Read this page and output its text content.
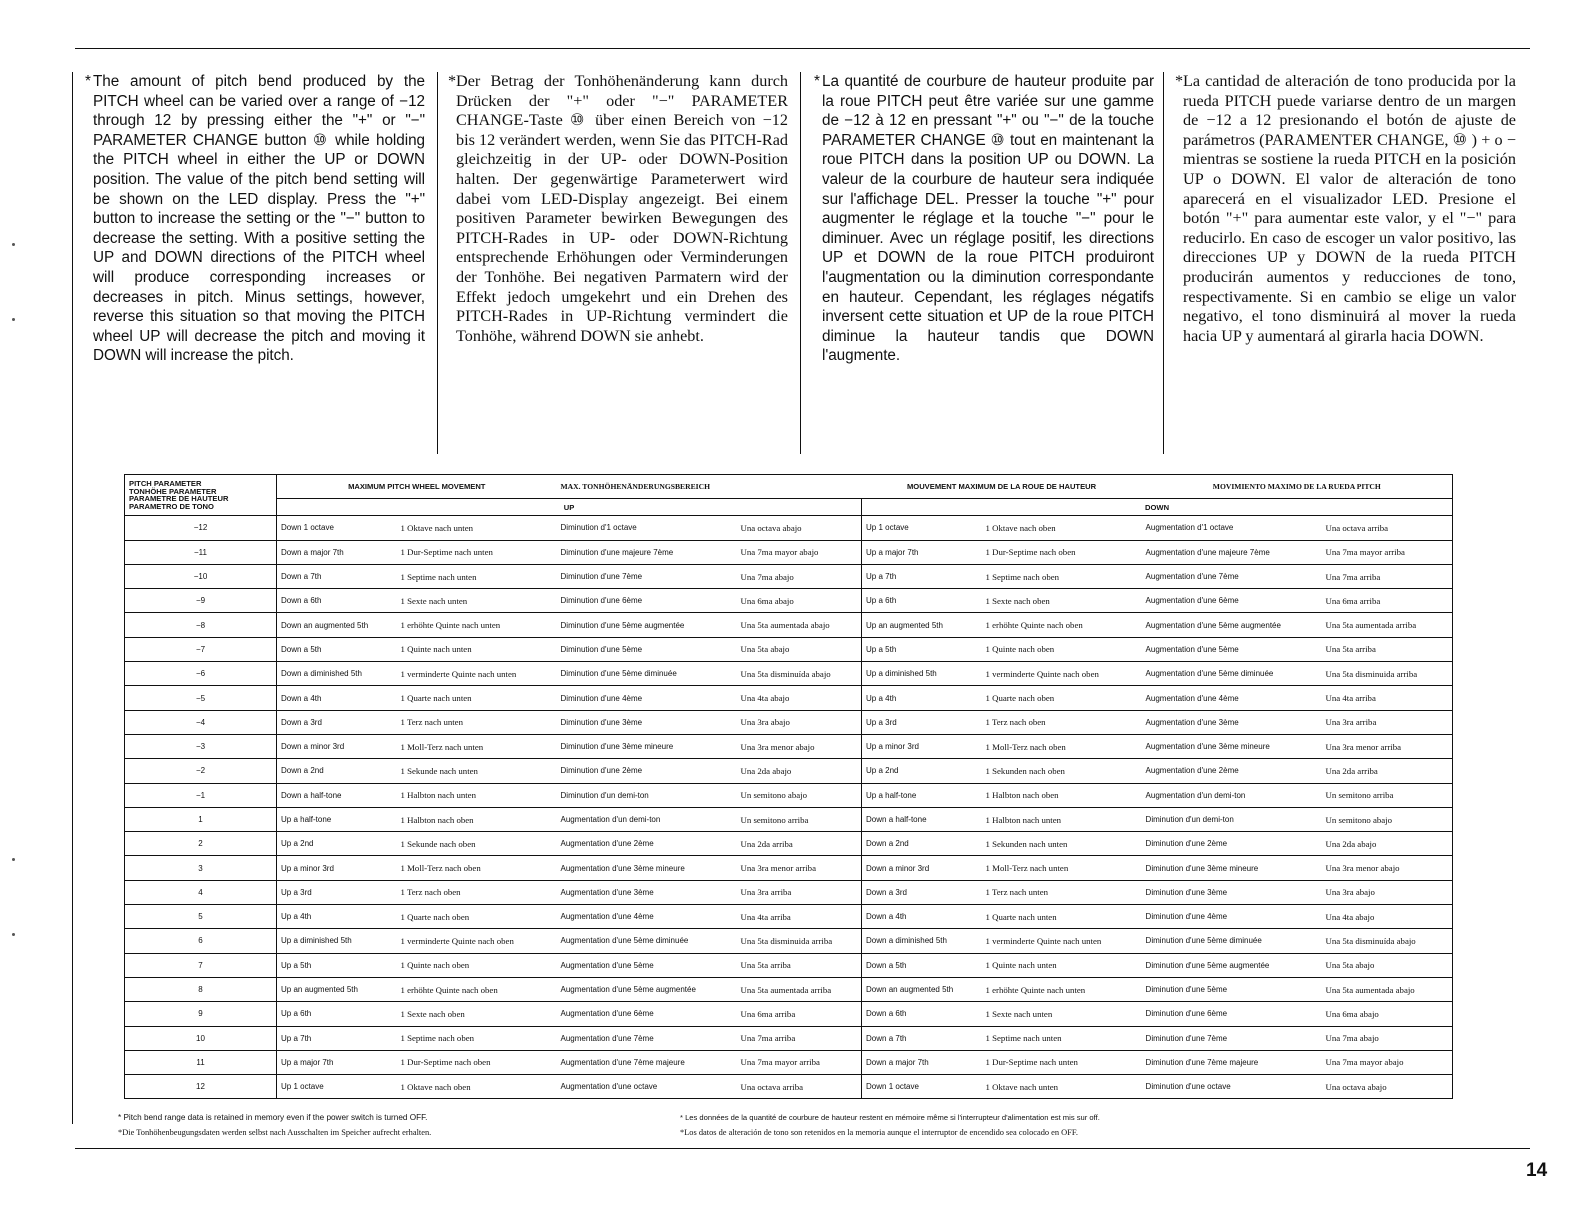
* The amount of pitch bend produced by the PITCH wheel can be varied over a range of −12 through 12 by pressing either the "+" or "−" PARAMETER CHANGE button ⑩ while holding the PITCH wheel in either the UP or DOWN position. The value of the pitch bend setting will be shown on the LED display. Press the "+" button to increase the setting or the "−" button to decrease the setting. With a positive setting the UP and DOWN directions of the PITCH wheel will produce corresponding increases or decreases in pitch. Minus settings, however, reverse this situation so that moving the PITCH wheel UP will decrease the pitch and moving it DOWN will increase the pitch.
* Der Betrag der Tonhöhenänderung kann durch Drücken der "+" oder "−" PARAMETER CHANGE-Taste ⑩ über einen Bereich von −12 bis 12 verändert werden, wenn Sie das PITCH-Rad gleichzeitig in der UP- oder DOWN-Position halten. Der gegenwärtige Parameterwert wird dabei vom LED-Display angezeigt. Bei einem positiven Parameter bewirken Bewegungen des PITCH-Rades in UP- oder DOWN-Richtung entsprechende Erhöhungen oder Verminderungen der Tonhöhe. Bei negativen Parmatern wird der Effekt jedoch umgekehrt und ein Drehen des PITCH-Rades in UP-Richtung vermindert die Tonhöhe, während DOWN sie anhebt.
* La quantité de courbure de hauteur produite par la roue PITCH peut être variée sur une gamme de −12 à 12 en pressant "+" ou "−" de la touche PARAMETER CHANGE ⑩ tout en maintenant la roue PITCH dans la position UP ou DOWN. La valeur de la courbure de hauteur sera indiquée sur l'affichage DEL. Presser la touche "+" pour augmenter le réglage et la touche "−" pour le diminuer. Avec un réglage positif, les directions UP et DOWN de la roue PITCH produiront l'augmentation ou la diminution correspondante en hauteur. Cependant, les réglages négatifs inversent cette situation et UP de la roue PITCH diminue la hauteur tandis que DOWN l'augmente.
* La cantidad de alteración de tono producida por la rueda PITCH puede variarse dentro de un margen de −12 a 12 presionando el botón de ajuste de parámetros (PARAMENTER CHANGE, ⑩ ) + o − mientras se sostiene la rueda PITCH en la posición UP o DOWN. El valor de alteración de tono aparecerá en el visualizador LED. Presione el botón "+" para aumentar este valor, y el "−" para reducirlo. En caso de escoger un valor positivo, las direcciones UP y DOWN de la rueda PITCH producirán aumentos y reducciones de tono, respectivamente. Si en cambio se elige un valor negativo, el tono disminuirá al mover la rueda hacia UP y aumentará al girarla hacia DOWN.
PITCH PARAMETER
TONHÖHE PARAMETER
PARAMETRE DE HAUTEUR
PARAMETRO DE TONO	MAXIMUM PITCH WHEEL MOVEMENT		MAX. TONHÖHENÄNDERUNGSBEREICH		MOUVEMENT MAXIMUM DE LA ROUE DE HAUTEUR		MOVIMIENTO MAXIMO DE LA RUEDA PITCH	
	UP				DOWN			
−12	Down 1 octave	1 Oktave nach unten	Diminution d'1 octave	Una octava abajo	Up 1 octave	1 Oktave nach oben	Augmentation d'1 octave	Una octava arriba
−11	Down a major 7th	1 Dur-Septime nach unten	Diminution d'une majeure 7ème	Una 7ma mayor abajo	Up a major 7th	1 Dur-Septime nach oben	Augmentation d'une majeure 7ème	Una 7ma mayor arriba
−10	Down a 7th	1 Septime nach unten	Diminution d'une 7ème	Una 7ma abajo	Up a 7th	1 Septime nach oben	Augmentation d'une 7ème	Una 7ma arriba
−9	Down a 6th	1 Sexte nach unten	Diminution d'une 6ème	Una 6ma abajo	Up a 6th	1 Sexte nach oben	Augmentation d'une 6ème	Una 6ma arriba
−8	Down an augmented 5th	1 erhöhte Quinte nach unten	Diminution d'une 5ème augmentée	Una 5ta aumentada abajo	Up an augmented 5th	1 erhöhte Quinte nach oben	Augmentation d'une 5ème augmentée	Una 5ta aumentada arriba
−7	Down a 5th	1 Quinte nach unten	Diminution d'une 5ème	Una 5ta abajo	Up a 5th	1 Quinte nach oben	Augmentation d'une 5ème	Una 5ta arriba
−6	Down a diminished 5th	1 verminderte Quinte nach unten	Diminution d'une 5ème diminuée	Una 5ta disminuída abajo	Up a diminished 5th	1 verminderte Quinte nach oben	Augmentation d'une 5ème diminuée	Una 5ta disminuida arriba
−5	Down a 4th	1 Quarte nach unten	Diminution d'une 4ème	Una 4ta abajo	Up a 4th	1 Quarte nach oben	Augmentation d'une 4ème	Una 4ta arriba
−4	Down a 3rd	1 Terz nach unten	Diminution d'une 3ème	Una 3ra abajo	Up a 3rd	1 Terz nach oben	Augmentation d'une 3ème	Una 3ra arriba
−3	Down a minor 3rd	1 Moll-Terz nach unten	Diminution d'une 3ème mineure	Una 3ra menor abajo	Up a minor 3rd	1 Moll-Terz nach oben	Augmentation d'une 3ème mineure	Una 3ra menor arriba
−2	Down a 2nd	1 Sekunde nach unten	Diminution d'une 2ème	Una 2da abajo	Up a 2nd	1 Sekunden nach oben	Augmentation d'une 2ème	Una 2da arriba
−1	Down a half-tone	1 Halbton nach unten	Diminution d'un demi-ton	Un semitono abajo	Up a half-tone	1 Halbton nach oben	Augmentation d'un demi-ton	Un semitono arriba
1	Up a half-tone	1 Halbton nach oben	Augmentation d'un demi-ton	Un semitono arriba	Down a half-tone	1 Halbton nach unten	Diminution d'un demi-ton	Un semitono abajo
2	Up a 2nd	1 Sekunde nach oben	Augmentation d'une 2ème	Una 2da arriba	Down a 2nd	1 Sekunden nach unten	Diminution d'une 2ème	Una 2da abajo
3	Up a minor 3rd	1 Moll-Terz nach oben	Augmentation d'une 3ème mineure	Una 3ra menor arriba	Down a minor 3rd	1 Moll-Terz nach unten	Diminution d'une 3ème mineure	Una 3ra menor abajo
4	Up a 3rd	1 Terz nach oben	Augmentation d'une 3ème	Una 3ra arriba	Down a 3rd	1 Terz nach unten	Diminution d'une 3ème	Una 3ra abajo
5	Up a 4th	1 Quarte nach oben	Augmentation d'une 4ème	Una 4ta arriba	Down a 4th	1 Quarte nach unten	Diminution d'une 4ème	Una 4ta abajo
6	Up a diminished 5th	1 verminderte Quinte nach oben	Augmentation d'une 5ème diminuée	Una 5ta disminuida arriba	Down a diminished 5th	1 verminderte Quinte nach unten	Diminution d'une 5ème diminuée	Una 5ta disminuída abajo
7	Up a 5th	1 Quinte nach oben	Augmentation d'une 5ème	Una 5ta arriba	Down a 5th	1 Quinte nach unten	Diminution d'une 5ème augmentée	Una 5ta abajo
8	Up an augmented 5th	1 erhöhte Quinte nach oben	Augmentation d'une 5ème augmentée	Una 5ta aumentada arriba	Down an augmented 5th	1 erhöhte Quinte nach unten	Diminution d'une 5ème	Una 5ta aumentada abajo
9	Up a 6th	1 Sexte nach oben	Augmentation d'une 6ème	Una 6ma arriba	Down a 6th	1 Sexte nach unten	Diminution d'une 6ème	Una 6ma abajo
10	Up a 7th	1 Septime nach oben	Augmentation d'une 7ème	Una 7ma arriba	Down a 7th	1 Septime nach unten	Diminution d'une 7ème	Una 7ma abajo
11	Up a major 7th	1 Dur-Septime nach oben	Augmentation d'une 7ème majeure	Una 7ma mayor arriba	Down a major 7th	1 Dur-Septime nach unten	Diminution d'une 7ème majeure	Una 7ma mayor abajo
12	Up 1 octave	1 Oktave nach oben	Augmentation d'une octave	Una octava arriba	Down 1 octave	1 Oktave nach unten	Diminution d'une octave	Una octava abajo
* Pitch bend range data is retained in memory even if the power switch is turned OFF.
*Die Tonhöhenbeugungsdaten werden selbst nach Ausschalten im Speicher aufrecht erhalten.
* Les données de la quantité de courbure de hauteur restent en mémoire même si l'interrupteur d'alimentation est mis sur off.
*Los datos de alteración de tono son retenidos en la memoria aunque el interruptor de encendido sea colocado en OFF.
14
